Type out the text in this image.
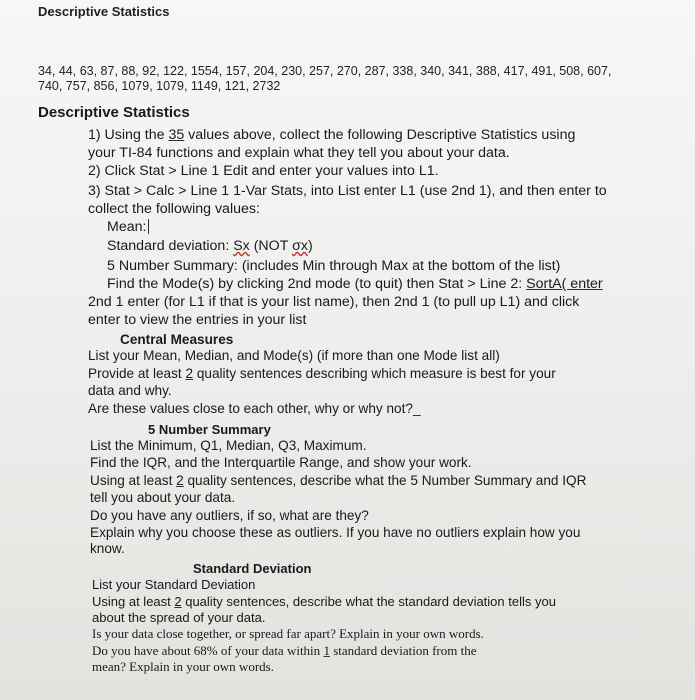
Descriptive Statistics
34, 44, 63, 87, 88, 92, 122, 1554, 157, 204, 230, 257, 270, 287, 338, 340, 341, 388, 417, 491, 508, 607,
740, 757, 856, 1079, 1079, 1149, 121, 2732
Descriptive Statistics
1) Using the 35 values above, collect the following Descriptive Statistics using
your TI-84 functions and explain what they tell you about your data.
2) Click Stat > Line 1 Edit and enter your values into L1.
3) Stat > Calc > Line 1 1-Var Stats, into List enter L1 (use 2nd 1), and then enter to
collect the following values:
Mean:
Standard deviation: Sx (NOT σx)
5 Number Summary: (includes Min through Max at the bottom of the list)
Find the Mode(s) by clicking 2nd mode (to quit) then Stat > Line 2: SortA( enter
2nd 1 enter (for L1 if that is your list name), then 2nd 1 (to pull up L1) and click
enter to view the entries in your list
Central Measures
List your Mean, Median, and Mode(s) (if more than one Mode list all)
Provide at least 2 quality sentences describing which measure is best for your
data and why.
Are these values close to each other, why or why not?_
5 Number Summary
List the Minimum, Q1, Median, Q3, Maximum.
Find the IQR, and the Interquartile Range, and show your work.
Using at least 2 quality sentences, describe what the 5 Number Summary and IQR
tell you about your data.
Do you have any outliers, if so, what are they?
Explain why you choose these as outliers. If you have no outliers explain how you
know.
Standard Deviation
List your Standard Deviation
Using at least 2 quality sentences, describe what the standard deviation tells you
about the spread of your data.
Is your data close together, or spread far apart? Explain in your own words.
Do you have about 68% of your data within 1 standard deviation from the
mean? Explain in your own words.
